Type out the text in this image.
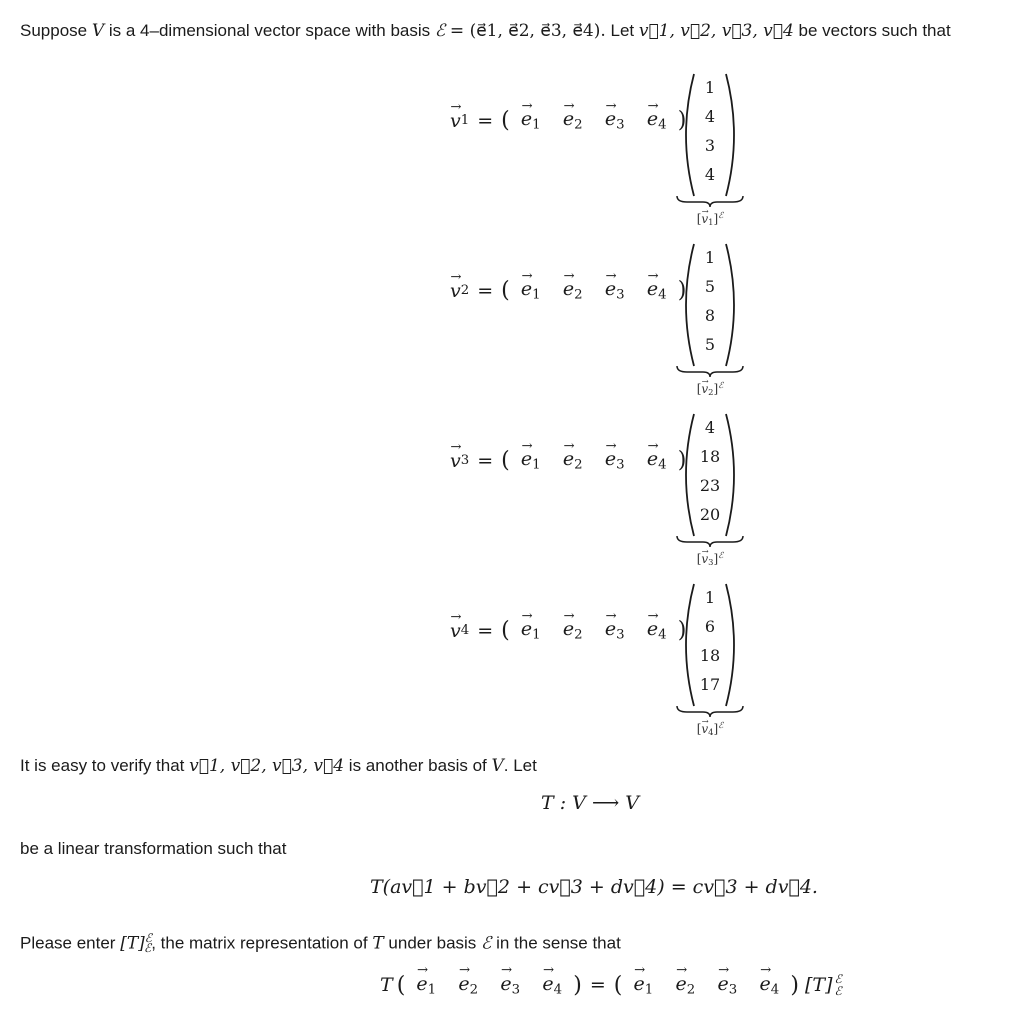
Suppose V is a 4–dimensional vector space with basis ℰ = (e⃗1, e⃗2, e⃗3, e⃗4). Let v⃗1, v⃗2, v⃗3, v⃗4 be vectors such that
→ v 1 = ( → $e_1$	→ $e_2$	→ $e_3$	→ $e_4$ )
1
4
3
4
[→ $v_1]^ℰ$
→ v 2 = ( → $e_1$	→ $e_2$	→ $e_3$	→ $e_4$ )
1
5
8
5
[→ $v_2]^ℰ$
→ v 3 = ( → $e_1$	→ $e_2$	→ $e_3$	→ $e_4$ )
4
18
23
20
[→ $v_3]^ℰ$
→ v 4 = ( → $e_1$	→ $e_2$	→ $e_3$	→ $e_4$ )
1
6
18
17
[→ $v_4]^ℰ$
It is easy to verify that v⃗1, v⃗2, v⃗3, v⃗4 is another basis of V. Let
T : V ⟶ V
be a linear transformation such that
T(av⃗1 + bv⃗2 + cv⃗3 + dv⃗4) = cv⃗3 + dv⃗4.
Please enter $[T]^ℰ_ℰ$, the matrix representation of T under basis ℰ in the sense that
T ( → $e_1$	→ $e_2$	→ $e_3$	→ $e_4$ ) = ( → $e_1$	→ $e_2$	→ $e_3$	→ $e_4$ ) [T] ℰ
ℰ
